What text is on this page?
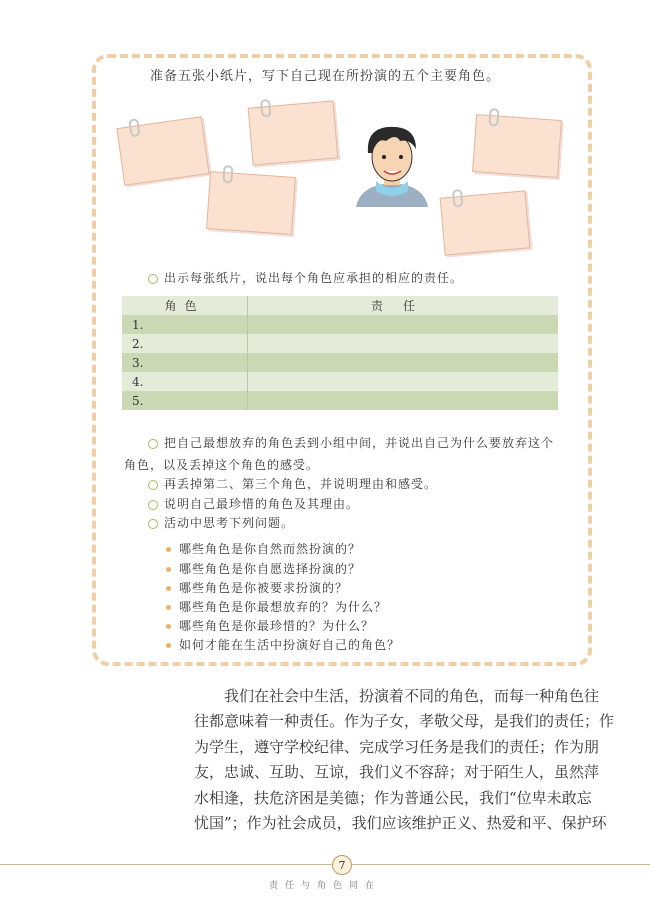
准备五张小纸片，写下自己现在所扮演的五个主要角色。
出示每张纸片，说出每个角色应承担的相应的责任。
角色	责任
1.	
2.	
3.	
4.	
5.	
把自己最想放弃的角色丢到小组中间，并说出自己为什么要放弃这个
角色，以及丢掉这个角色的感受。
再丢掉第二、第三个角色，并说明理由和感受。
说明自己最珍惜的角色及其理由。
活动中思考下列问题。
哪些角色是你自然而然扮演的？
哪些角色是你自愿选择扮演的？
哪些角色是你被要求扮演的？
哪些角色是你最想放弃的？为什么？
哪些角色是你最珍惜的？为什么？
如何才能在生活中扮演好自己的角色？
我们在社会中生活，扮演着不同的角色，而每一种角色往
往都意味着一种责任。作为子女，孝敬父母，是我们的责任；作
为学生，遵守学校纪律、完成学习任务是我们的责任；作为朋
友，忠诚、互助、互谅，我们义不容辞；对于陌生人，虽然萍
水相逢，扶危济困是美德；作为普通公民，我们“位卑未敢忘
忧国”；作为社会成员，我们应该维护正义、热爱和平、保护环
7
责任与角色同在
